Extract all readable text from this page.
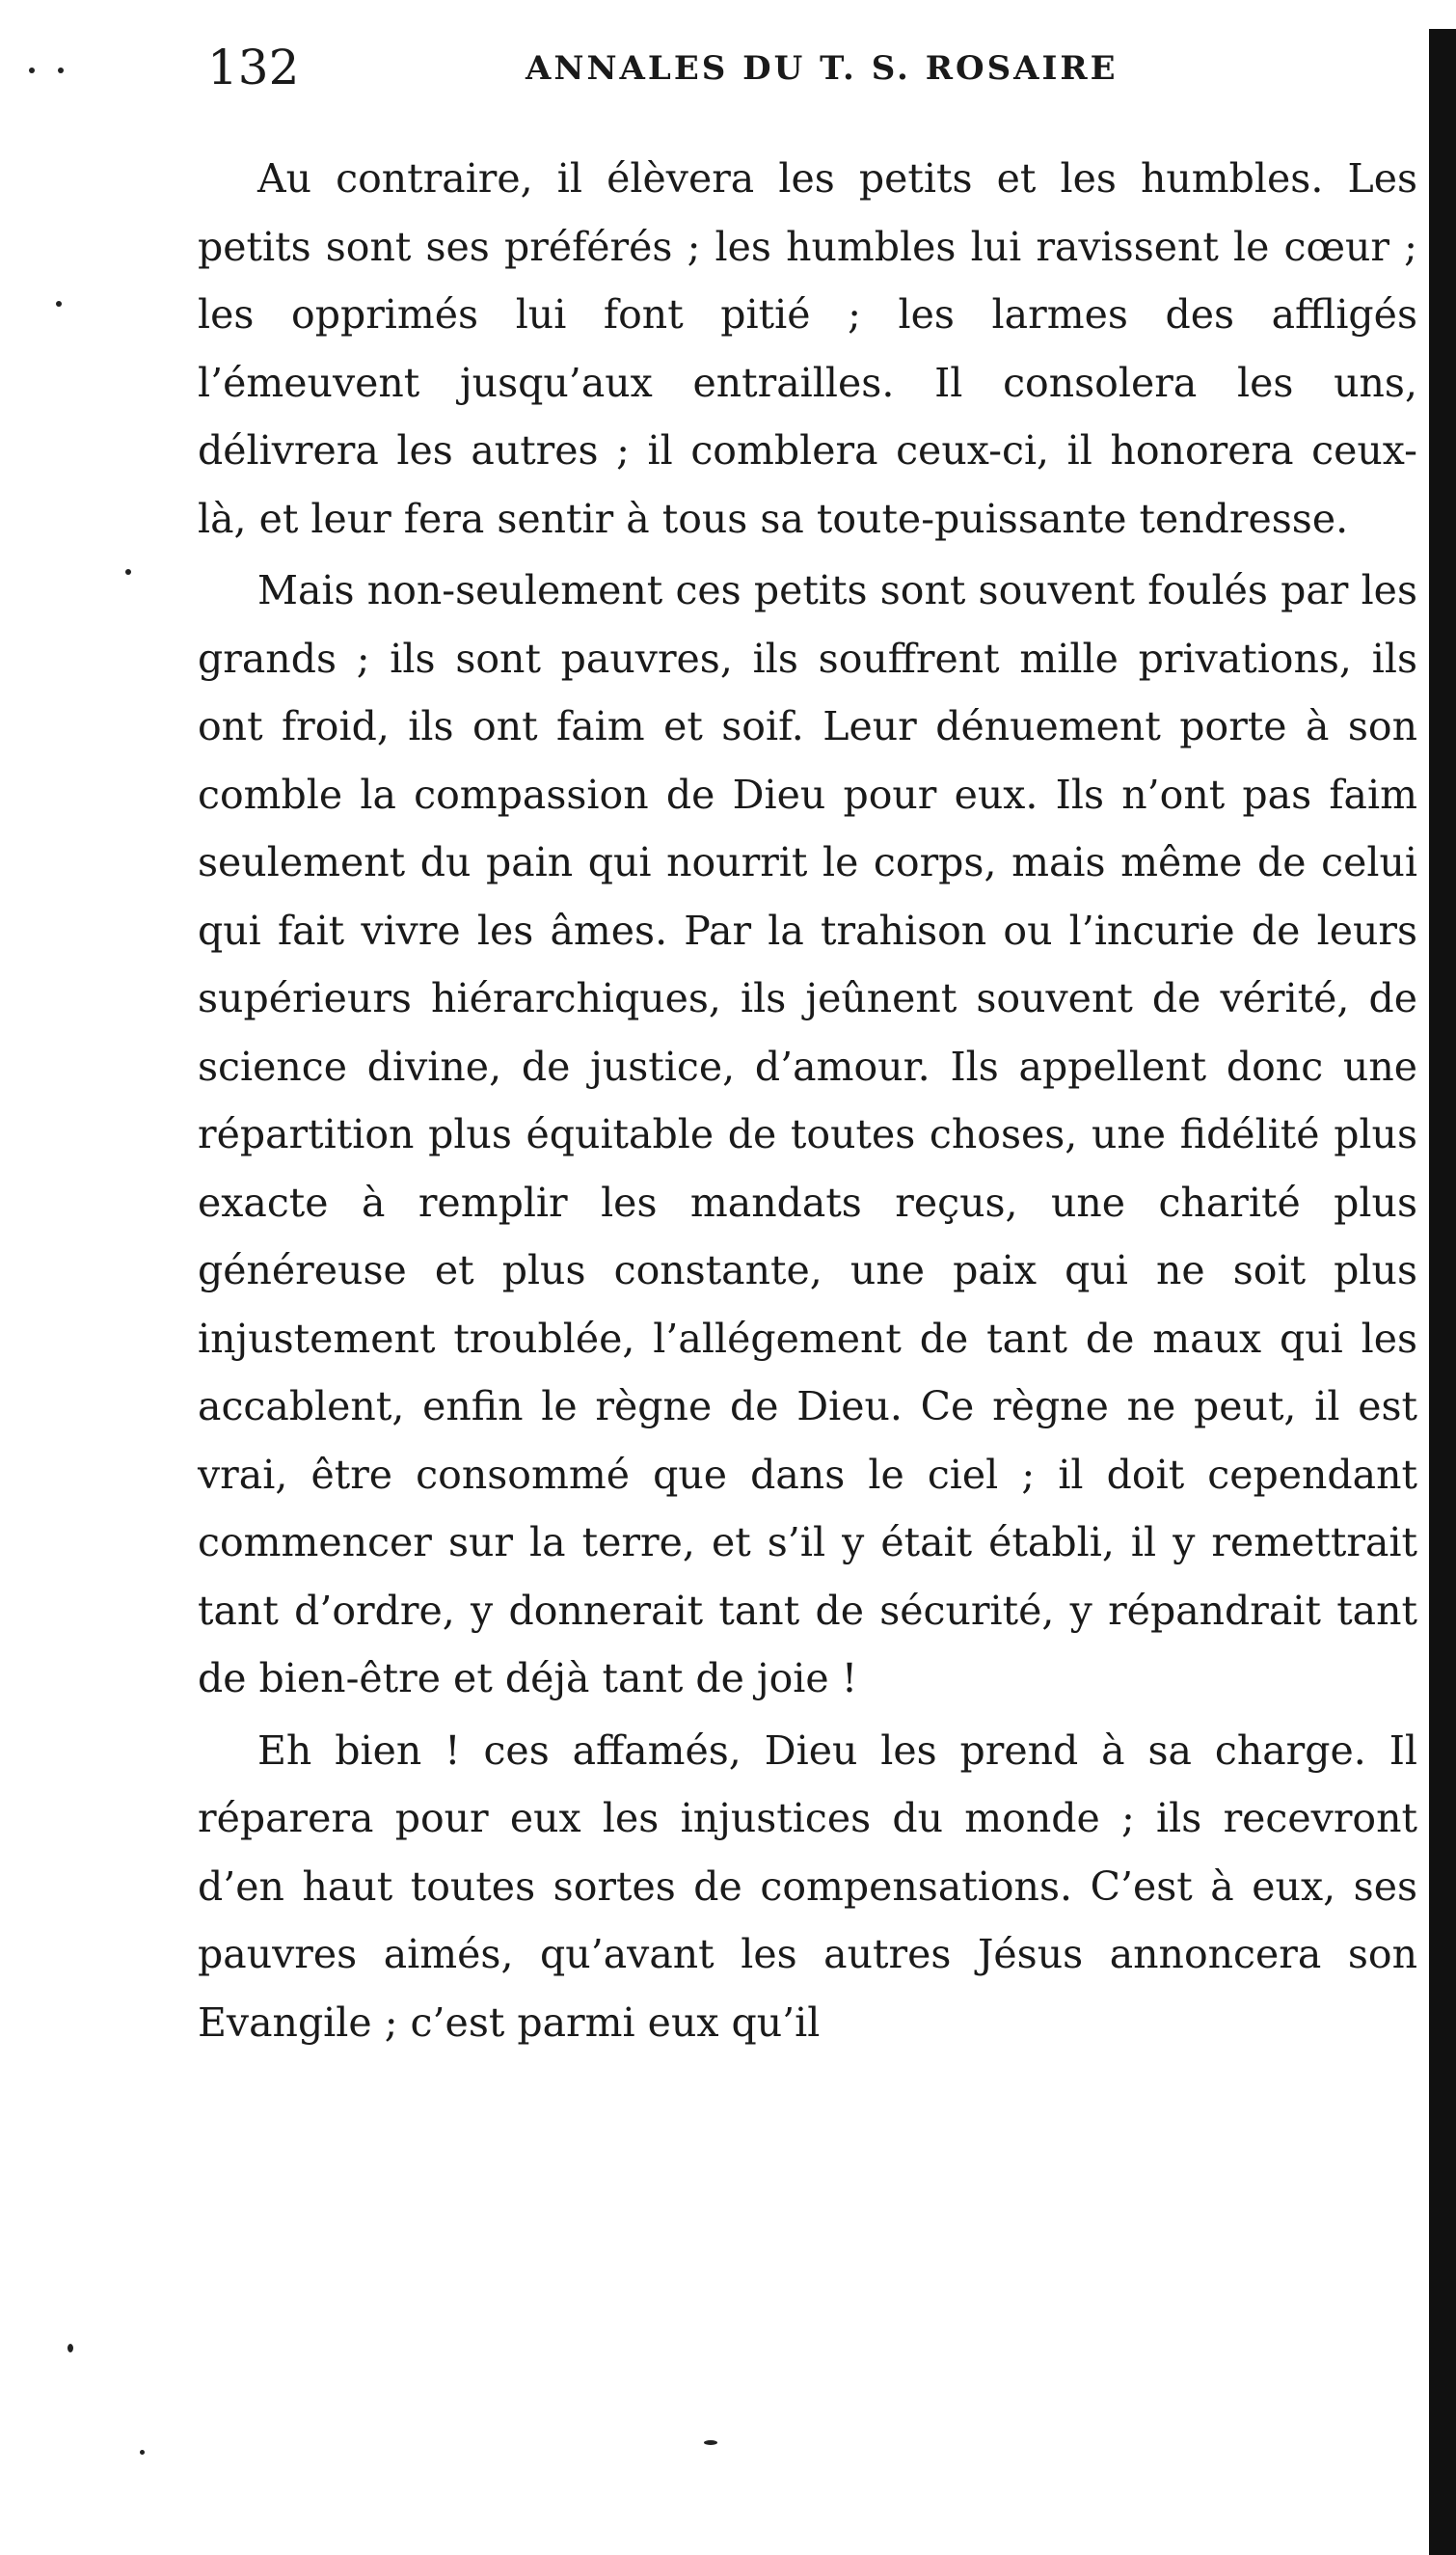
132	ANNALES DU T. S. ROSAIRE

Au contraire, il élèvera les petits et les humbles. Les petits sont ses préférés ; les humbles lui ravissent le cœur ; les opprimés lui font pitié ; les larmes des affligés l’émeuvent jusqu’aux entrailles. Il consolera les uns, délivrera les autres ; il comblera ceux-ci, il honorera ceux-là, et leur fera sentir à tous sa toute-puissante tendresse.

Mais non-seulement ces petits sont souvent foulés par les grands ; ils sont pauvres, ils souffrent mille privations, ils ont froid, ils ont faim et soif. Leur dénuement porte à son comble la compassion de Dieu pour eux. Ils n’ont pas faim seulement du pain qui nourrit le corps, mais même de celui qui fait vivre les âmes. Par la trahison ou l’incurie de leurs supérieurs hiérarchiques, ils jeûnent souvent de vérité, de science divine, de justice, d’amour. Ils appellent donc une répartition plus équitable de toutes choses, une fidélité plus exacte à remplir les mandats reçus, une charité plus généreuse et plus constante, une paix qui ne soit plus injustement troublée, l’allégement de tant de maux qui les accablent, enfin le règne de Dieu. Ce règne ne peut, il est vrai, être consommé que dans le ciel ; il doit cependant commencer sur la terre, et s’il y était établi, il y remettrait tant d’ordre, y donnerait tant de sécurité, y répandrait tant de bien-être et déjà tant de joie !

Eh bien ! ces affamés, Dieu les prend à sa charge. Il réparera pour eux les injustices du monde ; ils recevront d’en haut toutes sortes de compensations. C’est à eux, ses pauvres aimés, qu’avant les autres Jésus annoncera son Evangile ; c’est parmi eux qu’il
